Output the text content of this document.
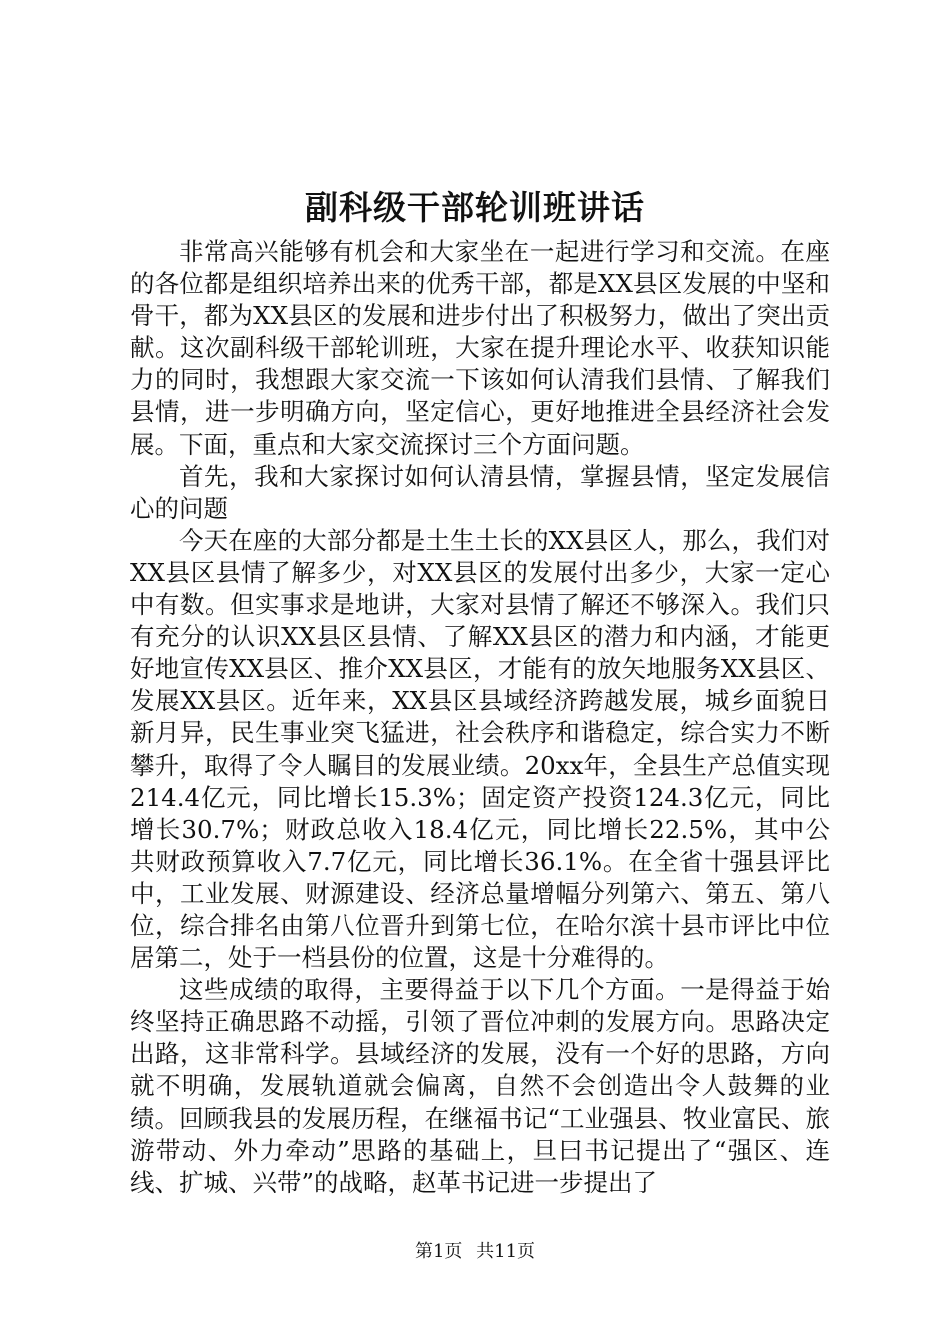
副科级干部轮训班讲话

非常高兴能够有机会和大家坐在一起进行学习和交流。在座的各位都是组织培养出来的优秀干部，都是XX县区发展的中坚和骨干，都为XX县区的发展和进步付出了积极努力，做出了突出贡献。这次副科级干部轮训班，大家在提升理论水平、收获知识能力的同时，我想跟大家交流一下该如何认清我们县情、了解我们县情，进一步明确方向，坚定信心，更好地推进全县经济社会发展。下面，重点和大家交流探讨三个方面问题。

首先，我和大家探讨如何认清县情，掌握县情，坚定发展信心的问题

今天在座的大部分都是土生土长的XX县区人，那么，我们对XX县区县情了解多少，对XX县区的发展付出多少，大家一定心中有数。但实事求是地讲，大家对县情了解还不够深入。我们只有充分的认识XX县区县情、了解XX县区的潜力和内涵，才能更好地宣传XX县区、推介XX县区，才能有的放矢地服务XX县区、发展XX县区。近年来，XX县区县域经济跨越发展，城乡面貌日新月异，民生事业突飞猛进，社会秩序和谐稳定，综合实力不断攀升，取得了令人瞩目的发展业绩。20xx年，全县生产总值实现214.4亿元，同比增长15.3%；固定资产投资124.3亿元，同比增长30.7%；财政总收入18.4亿元，同比增长22.5%，其中公共财政预算收入7.7亿元，同比增长36.1%。在全省十强县评比中，工业发展、财源建设、经济总量增幅分列第六、第五、第八位，综合排名由第八位晋升到第七位，在哈尔滨十县市评比中位居第二，处于一档县份的位置，这是十分难得的。

这些成绩的取得，主要得益于以下几个方面。一是得益于始终坚持正确思路不动摇，引领了晋位冲刺的发展方向。思路决定出路，这非常科学。县域经济的发展，没有一个好的思路，方向就不明确，发展轨道就会偏离，自然不会创造出令人鼓舞的业绩。回顾我县的发展历程，在继福书记“工业强县、牧业富民、旅游带动、外力牵动”思路的基础上，旦曰书记提出了“强区、连线、扩城、兴带”的战略，赵革书记进一步提出了

第1页 共11页
